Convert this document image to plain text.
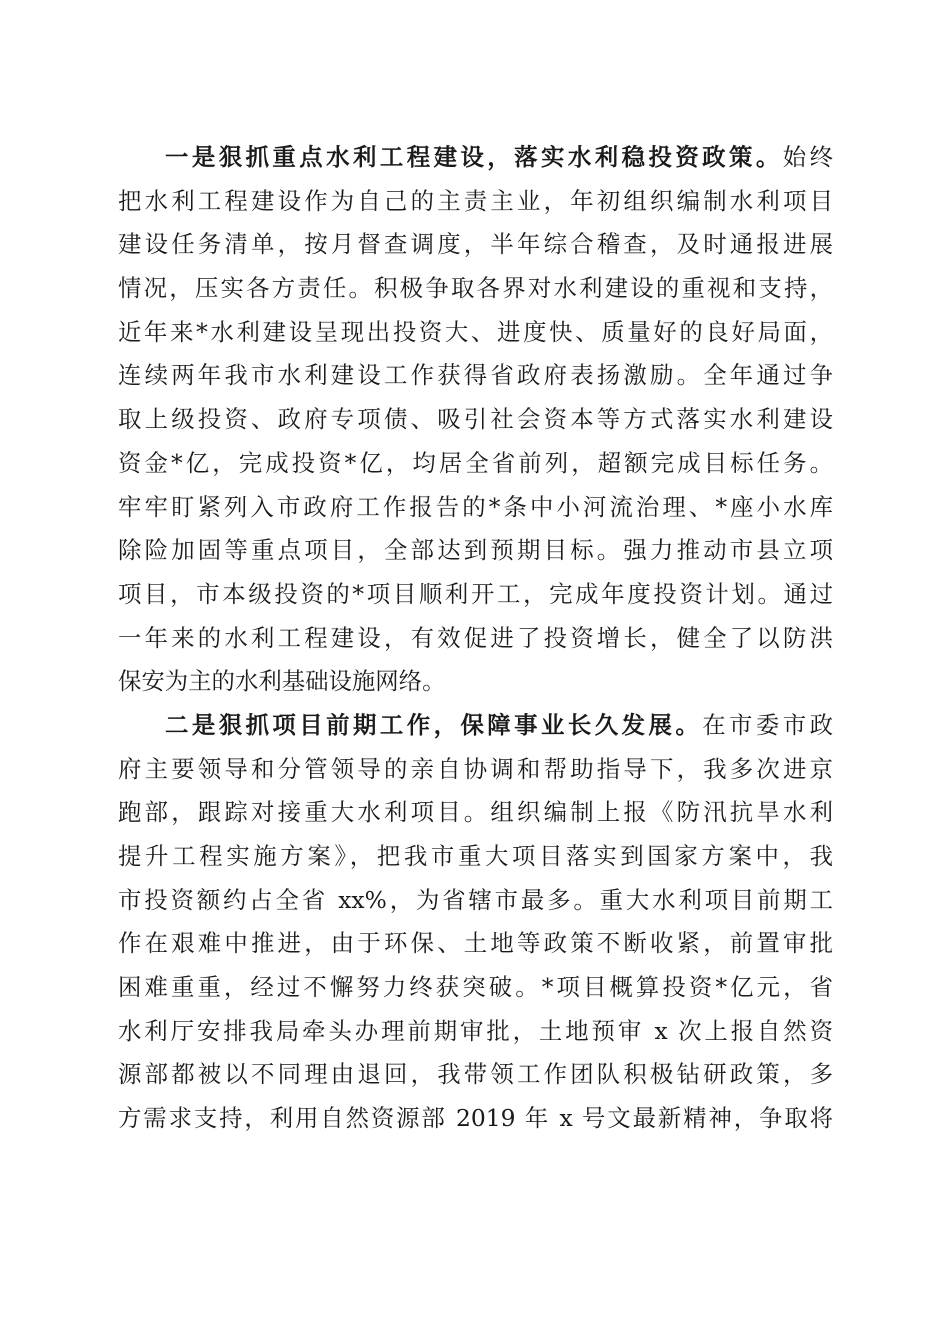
一是狠抓重点水利工程建设，落实水利稳投资政策。始终
把水利工程建设作为自己的主责主业，年初组织编制水利项目
建设任务清单，按月督查调度，半年综合稽查，及时通报进展
情况，压实各方责任。积极争取各界对水利建设的重视和支持，
近年来*水利建设呈现出投资大、进度快、质量好的良好局面，
连续两年我市水利建设工作获得省政府表扬激励。全年通过争
取上级投资、政府专项债、吸引社会资本等方式落实水利建设
资金*亿，完成投资*亿，均居全省前列，超额完成目标任务。
牢牢盯紧列入市政府工作报告的*条中小河流治理、*座小水库
除险加固等重点项目，全部达到预期目标。强力推动市县立项
项目，市本级投资的*项目顺利开工，完成年度投资计划。通过
一年来的水利工程建设，有效促进了投资增长，健全了以防洪
保安为主的水利基础设施网络。
二是狠抓项目前期工作，保障事业长久发展。在市委市政
府主要领导和分管领导的亲自协调和帮助指导下，我多次进京
跑部，跟踪对接重大水利项目。组织编制上报《防汛抗旱水利
提升工程实施方案》，把我市重大项目落实到国家方案中，我
市投资额约占全省 xx%，为省辖市最多。重大水利项目前期工
作在艰难中推进，由于环保、土地等政策不断收紧，前置审批
困难重重，经过不懈努力终获突破。*项目概算投资*亿元，省
水利厅安排我局牵头办理前期审批，土地预审 x 次上报自然资
源部都被以不同理由退回，我带领工作团队积极钻研政策，多
方需求支持，利用自然资源部 2019 年 x 号文最新精神，争取将
